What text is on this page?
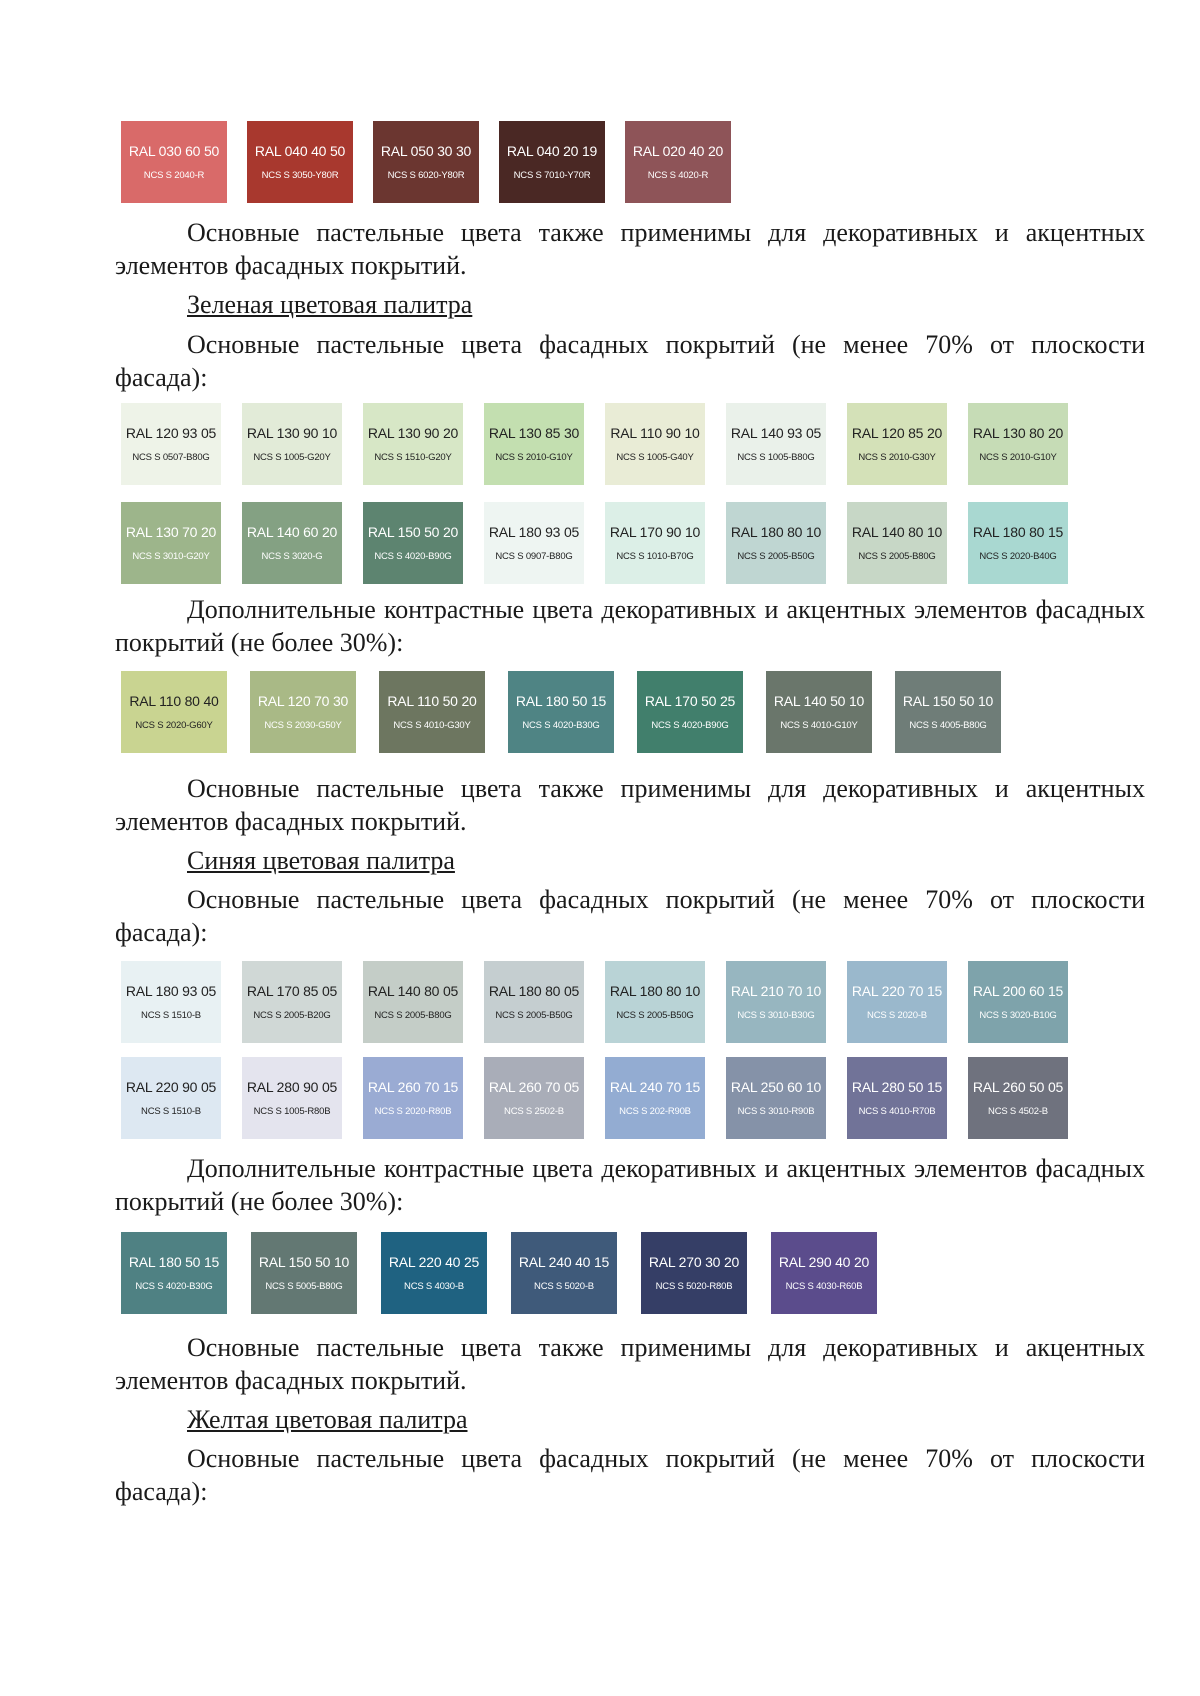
RAL 030 60 50
NCS S 2040-R
RAL 040 40 50
NCS S 3050-Y80R
RAL 050 30 30
NCS S 6020-Y80R
RAL 040 20 19
NCS S 7010-Y70R
RAL 020 40 20
NCS S 4020-R

Основные пастельные цвета также применимы для декоративных и акцентных элементов фасадных покрытий.

Зеленая цветовая палитра

Основные пастельные цвета фасадных покрытий (не менее 70% от плоскости фасада):

RAL 120 93 05
NCS S 0507-B80G
RAL 130 90 10
NCS S 1005-G20Y
RAL 130 90 20
NCS S 1510-G20Y
RAL 130 85 30
NCS S 2010-G10Y
RAL 110 90 10
NCS S 1005-G40Y
RAL 140 93 05
NCS S 1005-B80G
RAL 120 85 20
NCS S 2010-G30Y
RAL 130 80 20
NCS S 2010-G10Y
RAL 130 70 20
NCS S 3010-G20Y
RAL 140 60 20
NCS S 3020-G
RAL 150 50 20
NCS S 4020-B90G
RAL 180 93 05
NCS S 0907-B80G
RAL 170 90 10
NCS S 1010-B70G
RAL 180 80 10
NCS S 2005-B50G
RAL 140 80 10
NCS S 2005-B80G
RAL 180 80 15
NCS S 2020-B40G

Дополнительные контрастные цвета декоративных и акцентных элементов фасадных покрытий (не более 30%):

RAL 110 80 40
NCS S 2020-G60Y
RAL 120 70 30
NCS S 2030-G50Y
RAL 110 50 20
NCS S 4010-G30Y
RAL 180 50 15
NCS S 4020-B30G
RAL 170 50 25
NCS S 4020-B90G
RAL 140 50 10
NCS S 4010-G10Y
RAL 150 50 10
NCS S 4005-B80G

Основные пастельные цвета также применимы для декоративных и акцентных элементов фасадных покрытий.

Синяя цветовая палитра

Основные пастельные цвета фасадных покрытий (не менее 70% от плоскости фасада):

RAL 180 93 05
NCS S 1510-B
RAL 170 85 05
NCS S 2005-B20G
RAL 140 80 05
NCS S 2005-B80G
RAL 180 80 05
NCS S 2005-B50G
RAL 180 80 10
NCS S 2005-B50G
RAL 210 70 10
NCS S 3010-B30G
RAL 220 70 15
NCS S 2020-B
RAL 200 60 15
NCS S 3020-B10G
RAL 220 90 05
NCS S 1510-B
RAL 280 90 05
NCS S 1005-R80B
RAL 260 70 15
NCS S 2020-R80B
RAL 260 70 05
NCS S 2502-B
RAL 240 70 15
NCS S 202-R90B
RAL 250 60 10
NCS S 3010-R90B
RAL 280 50 15
NCS S 4010-R70B
RAL 260 50 05
NCS S 4502-B

Дополнительные контрастные цвета декоративных и акцентных элементов фасадных покрытий (не более 30%):

RAL 180 50 15
NCS S 4020-B30G
RAL 150 50 10
NCS S 5005-B80G
RAL 220 40 25
NCS S 4030-B
RAL 240 40 15
NCS S 5020-B
RAL 270 30 20
NCS S 5020-R80B
RAL 290 40 20
NCS S 4030-R60B

Основные пастельные цвета также применимы для декоративных и акцентных элементов фасадных покрытий.

Желтая цветовая палитра

Основные пастельные цвета фасадных покрытий (не менее 70% от плоскости фасада):
